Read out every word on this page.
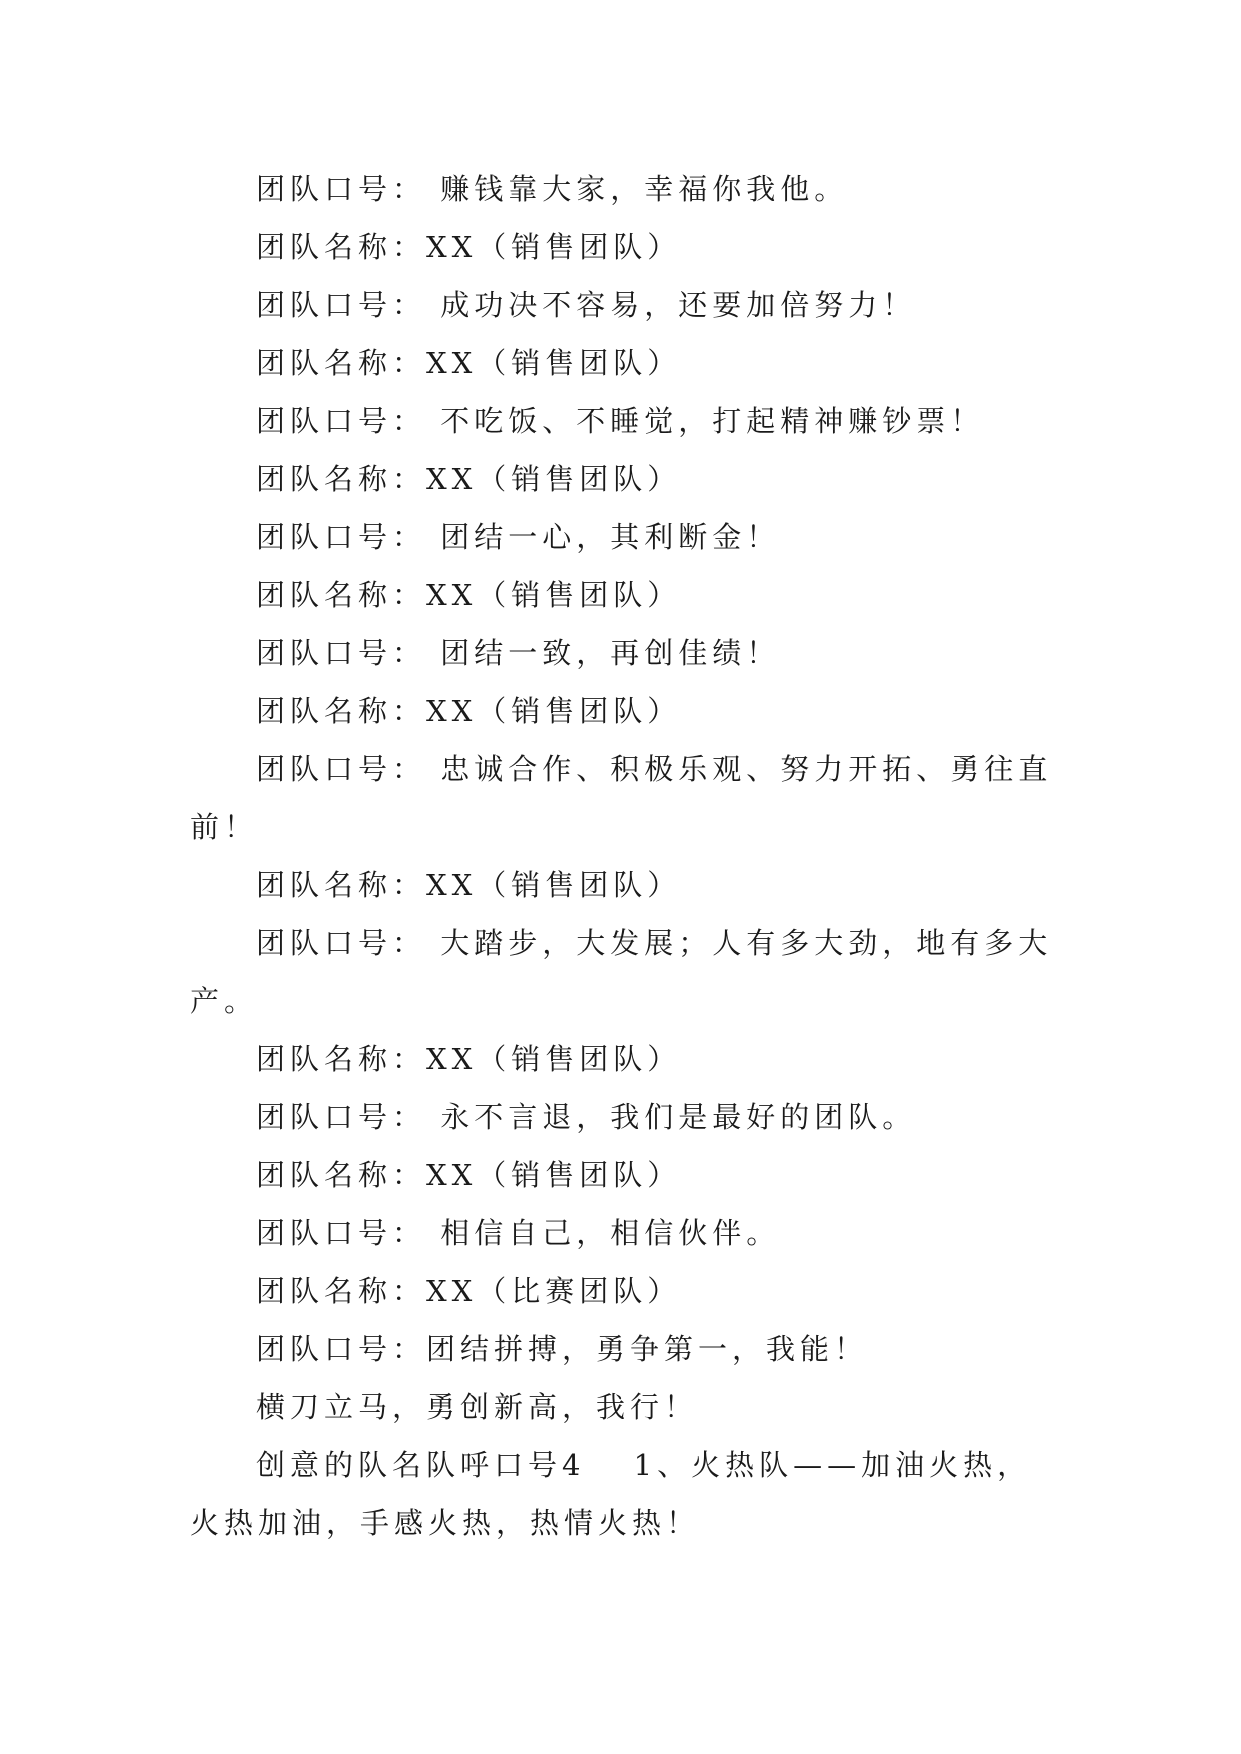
团队口号： 赚钱靠大家，幸福你我他。

团队名称：XX（销售团队）

团队口号： 成功决不容易，还要加倍努力！

团队名称：XX（销售团队）

团队口号： 不吃饭、不睡觉，打起精神赚钞票！

团队名称：XX（销售团队）

团队口号： 团结一心，其利断金！

团队名称：XX（销售团队）

团队口号： 团结一致，再创佳绩！

团队名称：XX（销售团队）

团队口号： 忠诚合作、积极乐观、努力开拓、勇往直前！

团队名称：XX（销售团队）

团队口号： 大踏步，大发展；人有多大劲，地有多大产。

团队名称：XX（销售团队）

团队口号： 永不言退，我们是最好的团队。

团队名称：XX（销售团队）

团队口号： 相信自己，相信伙伴。

团队名称：XX（比赛团队）

团队口号：团结拼搏，勇争第一，我能！

横刀立马，勇创新高，我行！

创意的队名队呼口号4　 1、火热队——加油火热，火热加油，手感火热，热情火热！
